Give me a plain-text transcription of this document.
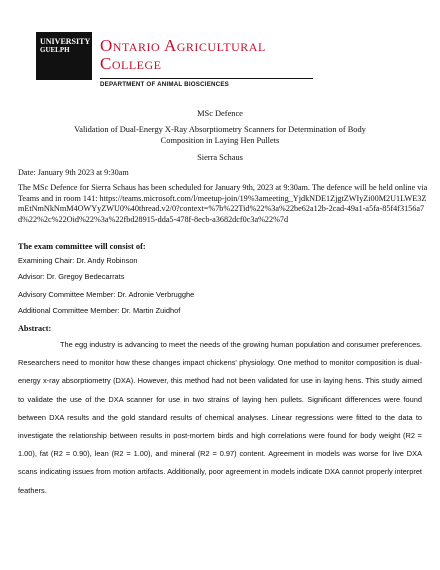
UNIVERSITY
GUELPH	Ontario Agricultural College
DEPARTMENT OF ANIMAL BIOSCIENCES
MSc Defence
Validation of Dual-Energy X-Ray Absorptiometry Scanners for Determination of Body Composition in Laying Hen Pullets
Sierra Schaus
Date: January 9th 2023 at 9:30am
The MSc Defence for Sierra Schaus has been scheduled for January 9th, 2023 at 9:30am. The defence will be held online via Teams and in room 141: https://teams.microsoft.com/l/meetup-join/19%3ameeting_YjdkNDE1ZjgtZWIyZi00M2U1LWE3ZmEtNmNkNmM4OWYyZWU0%40thread.v2/0?context=%7b%22Tid%22%3a%22be62a12b-2cad-49a1-a5fa-85f4f3156a7d%22%2c%22Oid%22%3a%22fbd28915-dda5-478f-8ecb-a3682dcf0c3a%22%7d
The exam committee will consist of:
Examining Chair: Dr. Andy Robinson
Advisor: Dr. Gregoy Bedecarrats
Advisory Committee Member: Dr. Adronie Verbrugghe
Additional Committee Member: Dr. Martin Zuidhof
Abstract:

The egg industry is advancing to meet the needs of the growing human population and consumer preferences. Researchers need to monitor how these changes impact chickens' physiology. One method to monitor composition is dual-energy x-ray absorptiometry (DXA). However, this method had not been validated for use in laying hens. This study aimed to validate the use of the DXA scanner for use in two strains of laying hen pullets. Significant differences were found between DXA results and the gold standard results of chemical analyses. Linear regressions were fitted to the data to investigate the relationship between results in post-mortem birds and high correlations were found for body weight (R2 = 1.00), fat (R2 = 0.90), lean (R2 = 1.00), and mineral (R2 = 0.97) content. Agreement in models was worse for live DXA scans indicating issues from motion artifacts. Additionally, poor agreement in models indicate DXA cannot properly interpret feathers.
